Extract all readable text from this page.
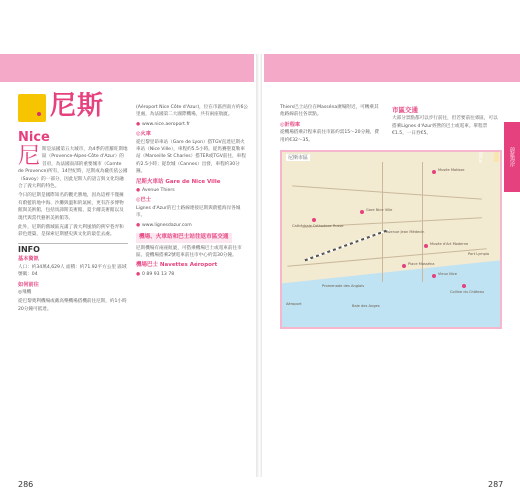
尼斯
Nice

尼斯是法國第五大城市，為4季的普羅旺斯地區（Provence-Alpes-Côte d'Azur）的首府，為法國南部的重要城市（Comte de Provence)所有，14世紀時，尼斯成為薩伏依公國（Savoy）的一部分，因此尼斯人的語言與文化均融合了義大利的特色。

今日的尼斯是國際知名的觀光勝地，因為這裡不僅擁有蔚藍的地中海、沙灘與溫和的氣候，更有許多博物館與美術館，包括馬諦斯美術館、夏卡爾美術館以及現代與當代藝術美術館等。

此外，尼斯的舊城區充滿了義大利風情的狹窄巷弄和彩色建築，是探索尼斯歷史與文化的最佳去處。

INFO
基本資訊

人口：約34萬4,629人 面積：約71.92平方公里 區域號碼：04

如何前往

◎飛機

從巴黎奧利機場或戴高樂機場搭機前往尼斯，約1小時20分鐘可抵達。

(Aéroport Nice Côte d'Azur)，位在市區西南方約6公里處，為法國第二大國際機場，共有兩座航廈。

● www.nice.aeroport.fr

◎火車

從巴黎里昂車站（Gare de Lyon）搭TGV直達尼斯火車站（Nice Ville），車程約5.5小時。從馬賽聖夏勒車站（Marseille St Charles）搭TER或TGV前往，車程約2.5小時；從坎城（Cannes）出發，車程約30分鐘。

尼斯火車站 Gare de Nice Ville

● Avenue Thiers

◎巴士

Lignes d'Azur的巴士路線連接尼斯與蔚藍海岸各城市。

● www.lignesdazur.com

機場、火車站和巴士站往返市區交通

尼斯機場有兩座航廈，可搭乘機場巴士或電車前往市區。從機場搭乘2號電車前往市中心約需30分鐘。

機場巴士 Navettes Aéroport

● 0 89 93 13 78

Thiers巴士站位在Masséna廣場附近，可轉乘其他路線前往各景點。

◎計程車

從機場搭乘計程車前往市區約需15～20分鐘，費用約€32～35。

市區交通

大部分景點都可以步行前往，但若要前往郊區，可以搭乘Lignes d'Azur經營的巴士或電車。單程票€1.5，一日券€5。

尼斯市區
Musée Matisse
Gare Nice Ville
Cathédrale Orthodoxe Russe
Avenue Jean Médecin
Place Masséna
Vieux Nice
Promenade des Anglais
Baie des Anges
Colline du Château
Port Lympia
Musée d'Art Moderne
Aéroport
蔚藍海岸
尼斯
Nice
286	287
